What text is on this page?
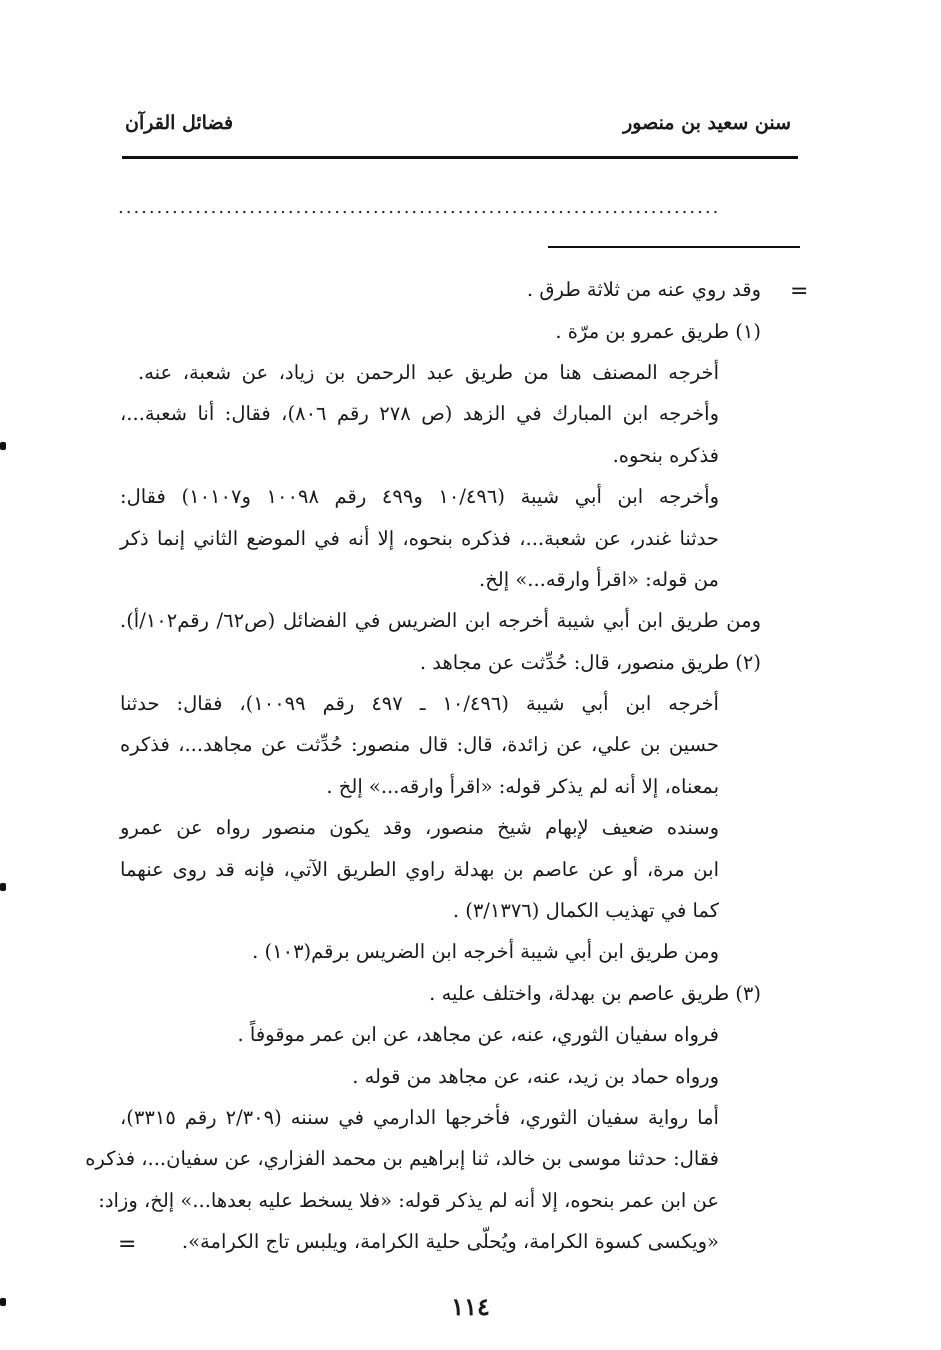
سنن سعيد بن منصور
فضائل القرآن
..............................................................................
=
وقد روي عنه من ثلاثة طرق .
(١) طريق عمرو بن مرّة .
أخرجه المصنف هنا من طريق عبد الرحمن بن زياد، عن شعبة، عنه.
وأخرجه ابن المبارك في الزهد (ص ٢٧٨ رقم ٨٠٦)، فقال: أنا شعبة...،
فذكره بنحوه.
وأخرجه ابن أبي شيبة (١٠/٤٩٦ و٤٩٩ رقم ١٠٠٩٨ و١٠١٠٧) فقال:
حدثنا غندر، عن شعبة...، فذكره بنحوه، إلا أنه في الموضع الثاني إنما ذكر
من قوله: «اقرأ وارقه...» إلخ.
ومن طريق ابن أبي شيبة أخرجه ابن الضريس في الفضائل (ص٦٢/ رقم١٠٢/أ).
(٢) طريق منصور، قال: حُدِّثت عن مجاهد .
أخرجه ابن أبي شيبة (١٠/٤٩٦ ـ ٤٩٧ رقم ١٠٠٩٩)، فقال: حدثنا
حسين بن علي، عن زائدة، قال: قال منصور: حُدِّثت عن مجاهد...، فذكره
بمعناه، إلا أنه لم يذكر قوله: «اقرأ وارقه...» إلخ .
وسنده ضعيف لإبهام شيخ منصور، وقد يكون منصور رواه عن عمرو
ابن مرة، أو عن عاصم بن بهدلة راوي الطريق الآتي، فإنه قد روى عنهما
كما في تهذيب الكمال (٣/١٣٧٦) .
ومن طريق ابن أبي شيبة أخرجه ابن الضريس برقم(١٠٣) .
(٣) طريق عاصم بن بهدلة، واختلف عليه .
فرواه سفيان الثوري، عنه، عن مجاهد، عن ابن عمر موقوفاً .
ورواه حماد بن زيد، عنه، عن مجاهد من قوله .
أما رواية سفيان الثوري، فأخرجها الدارمي في سننه (٢/٣٠٩ رقم ٣٣١٥)،
فقال: حدثنا موسى بن خالد، ثنا إبراهيم بن محمد الفزاري، عن سفيان...، فذكره
عن ابن عمر بنحوه، إلا أنه لم يذكر قوله: «فلا يسخط عليه بعدها...» إلخ، وزاد:
«ويكسى كسوة الكرامة، ويُحلّى حلية الكرامة، ويلبس تاج الكرامة».
=
١١٤
